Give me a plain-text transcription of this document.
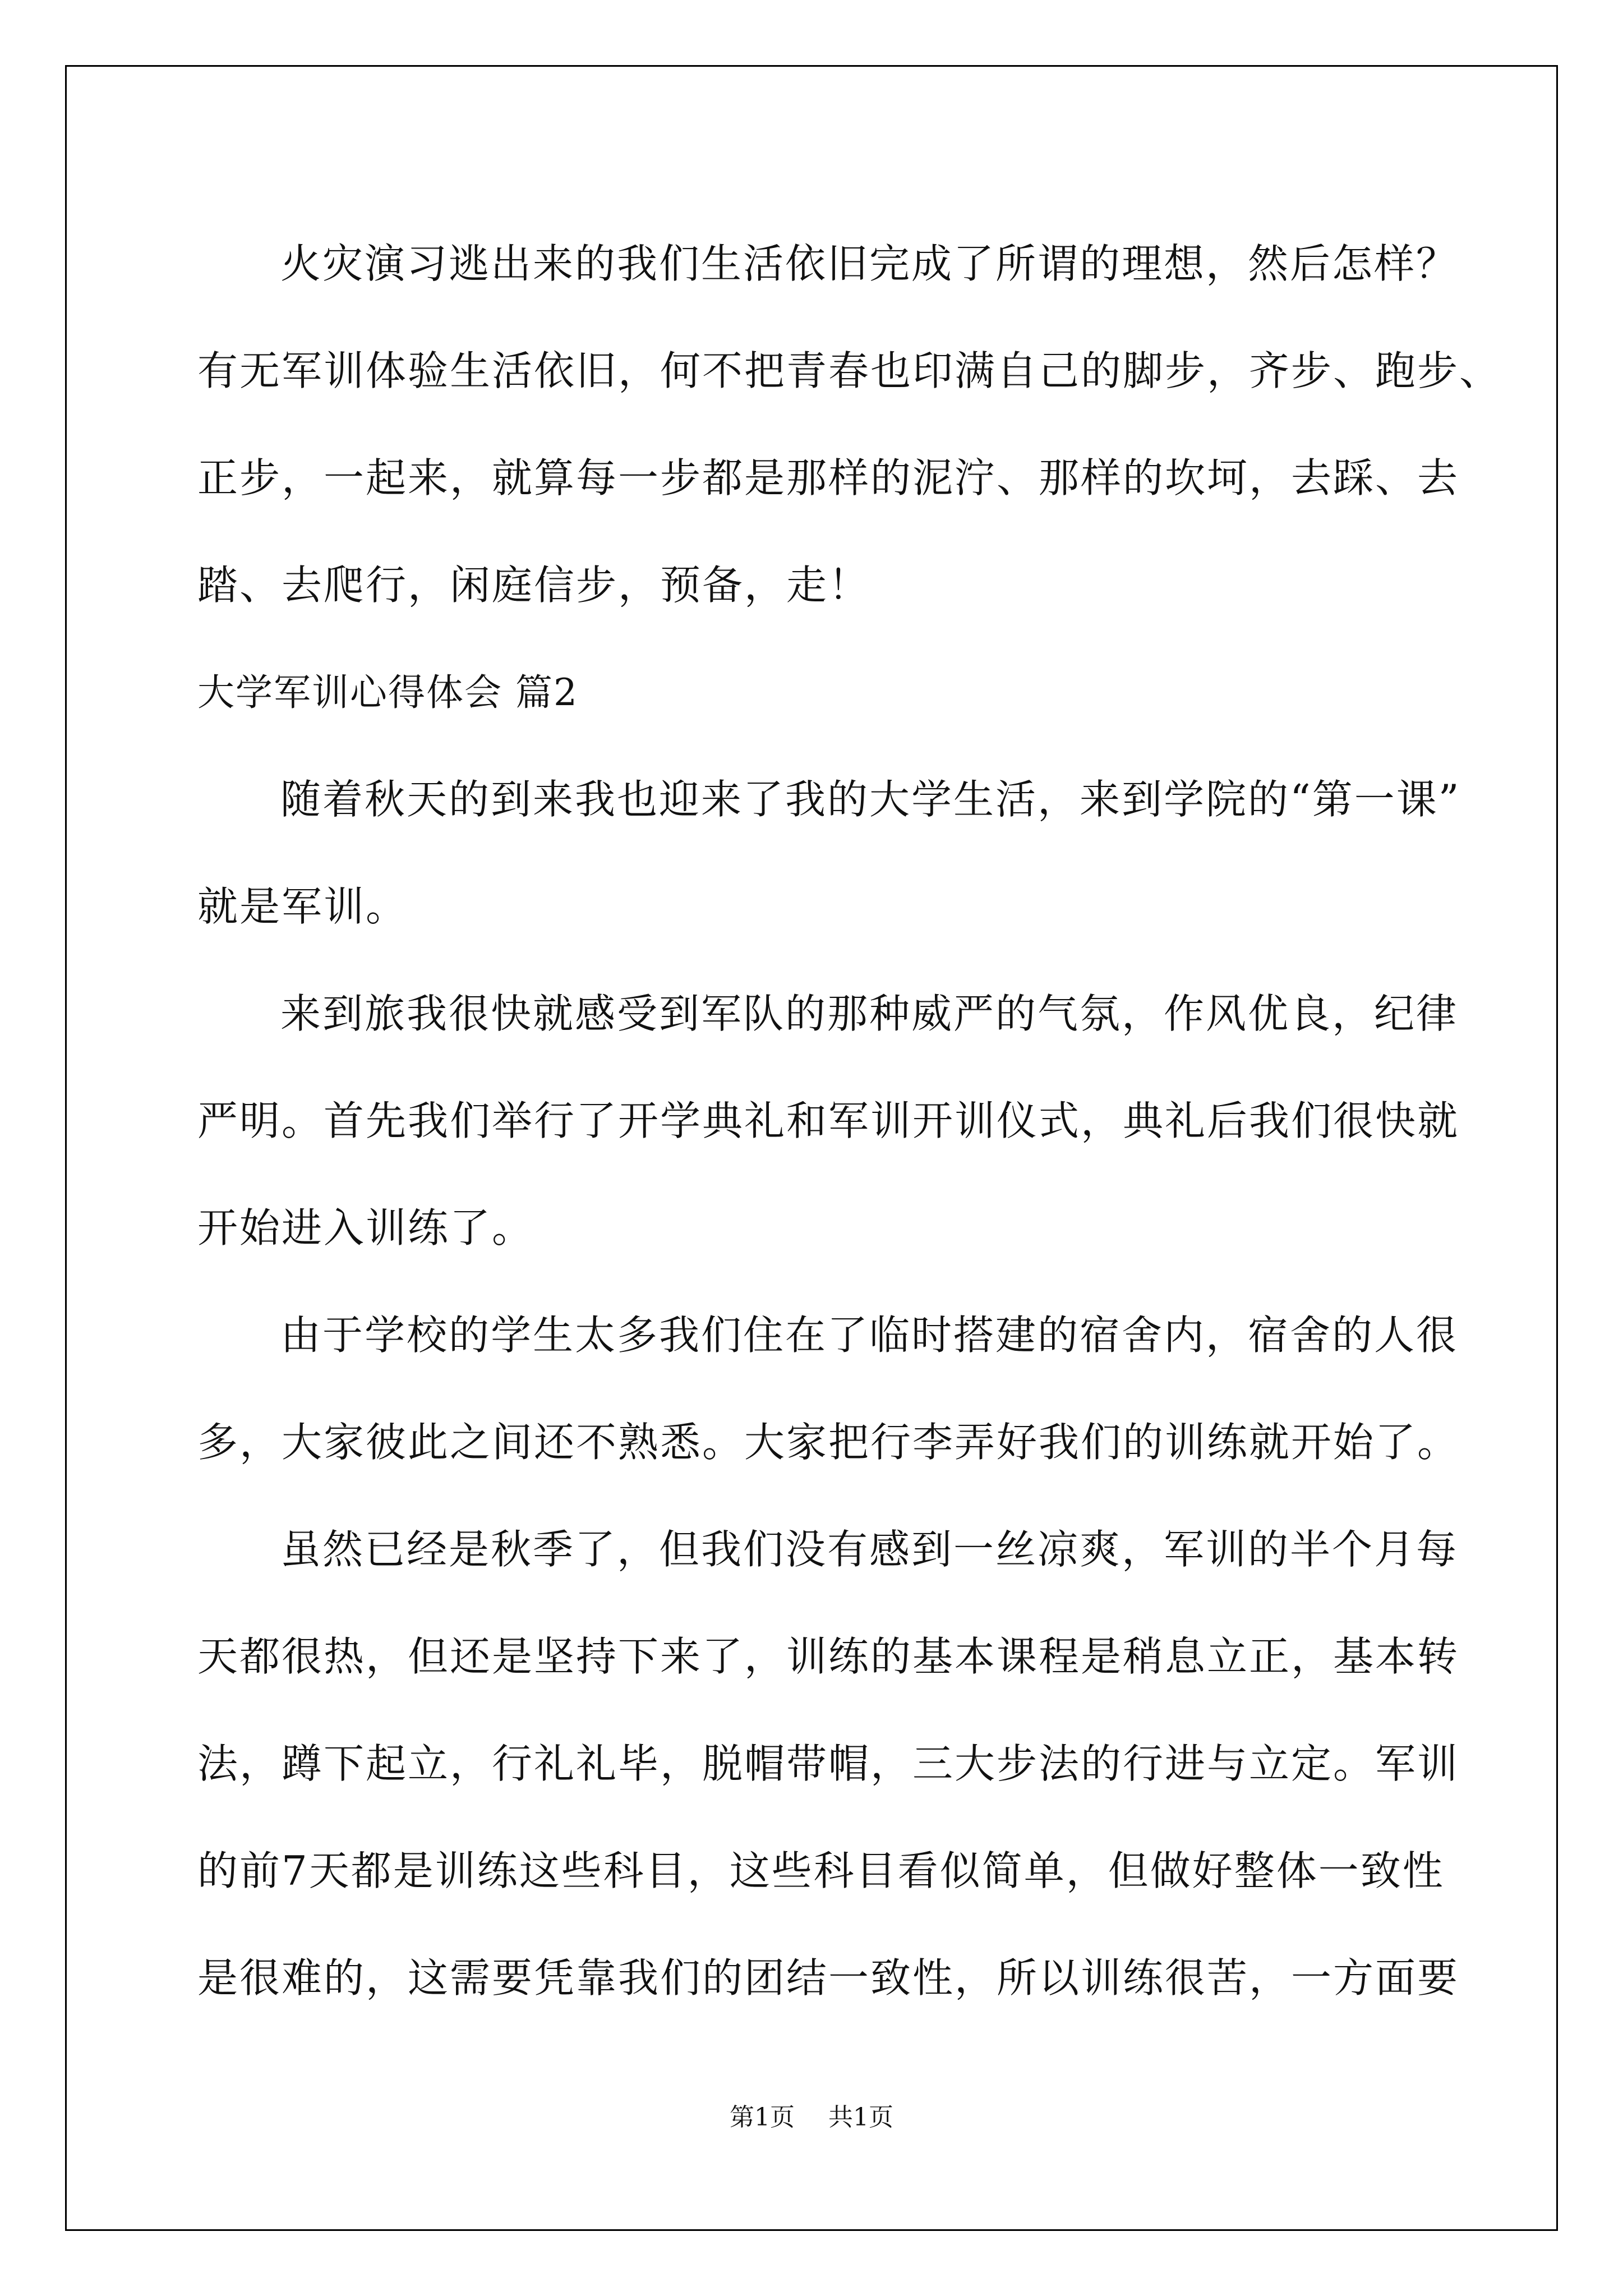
火灾演习逃出来的我们生活依旧完成了所谓的理想，然后怎样？
有无军训体验生活依旧，何不把青春也印满自己的脚步，齐步、跑步、
正步，一起来，就算每一步都是那样的泥泞、那样的坎坷，去踩、去
踏、去爬行，闲庭信步，预备，走！
大学军训心得体会 篇2
随着秋天的到来我也迎来了我的大学生活，来到学院的“第一课”
就是军训。
来到旅我很快就感受到军队的那种威严的气氛，作风优良，纪律
严明。首先我们举行了开学典礼和军训开训仪式，典礼后我们很快就
开始进入训练了。
由于学校的学生太多我们住在了临时搭建的宿舍内，宿舍的人很
多，大家彼此之间还不熟悉。大家把行李弄好我们的训练就开始了。
虽然已经是秋季了，但我们没有感到一丝凉爽，军训的半个月每
天都很热，但还是坚持下来了，训练的基本课程是稍息立正，基本转
法，蹲下起立，行礼礼毕，脱帽带帽，三大步法的行进与立定。军训
的前7天都是训练这些科目，这些科目看似简单，但做好整体一致性
是很难的，这需要凭靠我们的团结一致性，所以训练很苦，一方面要
第1页 共1页
